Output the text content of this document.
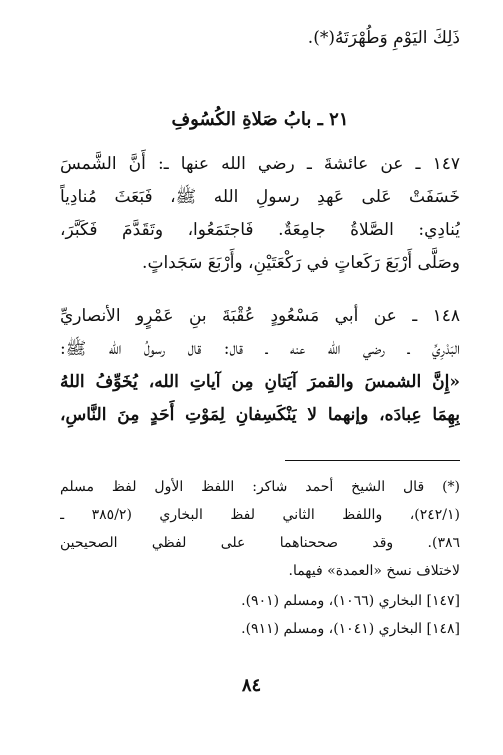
ذَلِكَ اليَوْمِ وَطُهْرَتَهُ(*).
٢١ ـ بابُ صَلاةِ الكُسُوفِ
١٤٧ ـ عن عائشةَ ـ رضي الله عنها ـ: أَنَّ الشَّمسَ
خَسَفَتْ عَلى عَهدِ رسولِ الله ﷺ، فَبَعَثَ مُنادِياً
يُنادِي: الصَّلاةُ جامِعَةٌ. فَاجتَمَعُوا، وتَقَدَّمَ فَكَبَّرَ،
وصَلَّى أَرْبَعَ رَكَعاتٍ في رَكْعَتَيْنِ، وأَرْبَعَ سَجَداتٍ.
١٤٨ ـ عن أبي مَسْعُودٍ عُقْبَةَ بنِ عَمْرٍو الأنصاريِّ
البَدْرِيِّ ـ رضي الله عنه ـ قال: قال رسولُ الله ﷺ:
«إِنَّ الشمسَ والقمرَ آيَتانِ مِن آياتِ الله، يُخَوِّفُ اللهُ
بِهِمَا عِبادَه، وإنهما لا يَنْكَسِفانِ لِمَوْتِ أَحَدٍ مِنَ النَّاسِ،
(*) قال الشيخ أحمد شاكر: اللفظ الأول لفظ مسلم
(٢٤٢/١)، واللفظ الثاني لفظ البخاري (٣٨٥/٢ ـ
٣٨٦). وقد صححناهما على لفظي الصحيحين
لاختلاف نسخ «العمدة» فيهما.
[١٤٧] البخاري (١٠٦٦)، ومسلم (٩٠١).
[١٤٨] البخاري (١٠٤١)، ومسلم (٩١١).
٨٤
